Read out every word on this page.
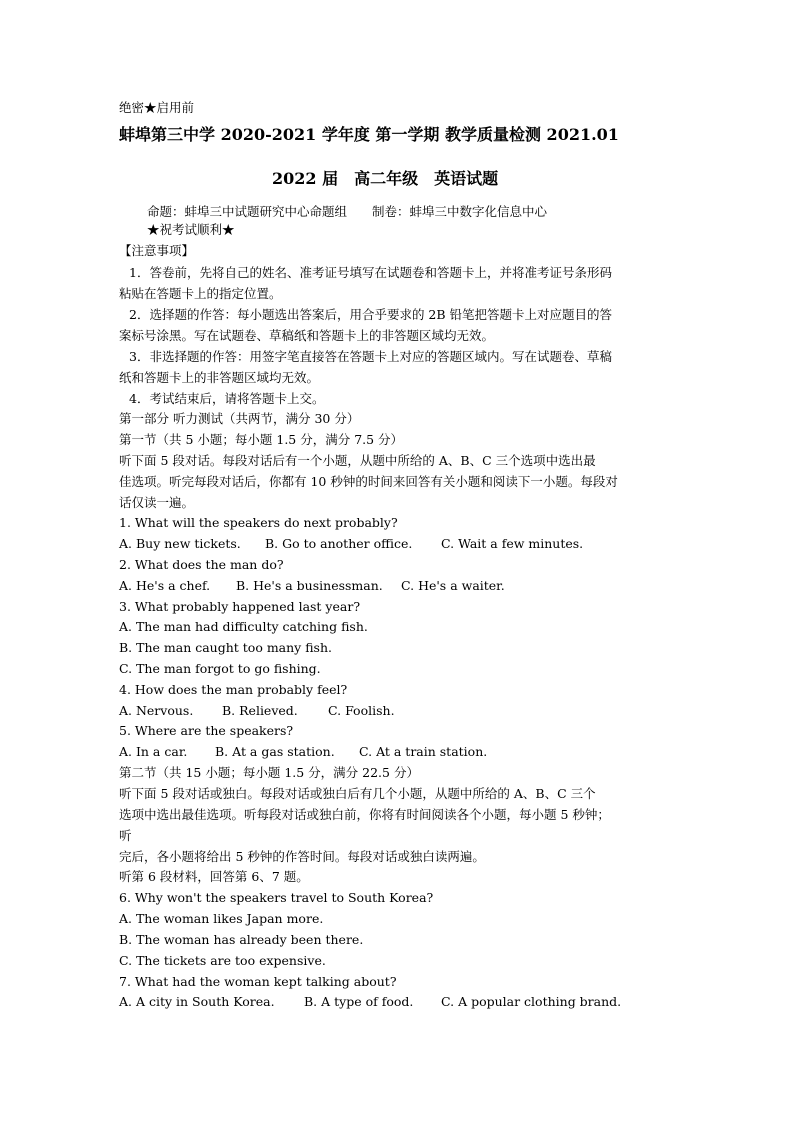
绝密★启用前
蚌埠第三中学 2020-2021 学年度 第一学期 教学质量检测 2021.01
2022 届　高二年级　英语试题
命题：蚌埠三中试题研究中心命题组　　制卷：蚌埠三中数字化信息中心
★祝考试顺利★
【注意事项】
1．答卷前，先将自己的姓名、准考证号填写在试题卷和答题卡上，并将准考证号条形码
粘贴在答题卡上的指定位置。
2．选择题的作答：每小题选出答案后，用合乎要求的 2B 铅笔把答题卡上对应题目的答
案标号涂黑。写在试题卷、草稿纸和答题卡上的非答题区域均无效。
3．非选择题的作答：用签字笔直接答在答题卡上对应的答题区域内。写在试题卷、草稿
纸和答题卡上的非答题区域均无效。
4．考试结束后，请将答题卡上交。
第一部分 听力测试（共两节，满分 30 分）
第一节（共 5 小题；每小题 1.5 分，满分 7.5 分）
听下面 5 段对话。每段对话后有一个小题，从题中所给的 A、B、C 三个选项中选出最
佳选项。听完每段对话后，你都有 10 秒钟的时间来回答有关小题和阅读下一小题。每段对
话仅读一遍。
1. What will the speakers do next probably?
A. Buy new tickets. B. Go to another office. C. Wait a few minutes.
2. What does the man do?
A. He's a chef. B. He's a businessman. C. He's a waiter.
3. What probably happened last year?
A. The man had difficulty catching fish.
B. The man caught too many fish.
C. The man forgot to go fishing.
4. How does the man probably feel?
A. Nervous. B. Relieved. C. Foolish.
5. Where are the speakers?
A. In a car. B. At a gas station. C. At a train station.
第二节（共 15 小题；每小题 1.5 分，满分 22.5 分）
听下面 5 段对话或独白。每段对话或独白后有几个小题，从题中所给的 A、B、C 三个
选项中选出最佳选项。听每段对话或独白前，你将有时间阅读各个小题，每小题 5 秒钟；
听
完后，各小题将给出 5 秒钟的作答时间。每段对话或独白读两遍。
听第 6 段材料，回答第 6、7 题。
6. Why won't the speakers travel to South Korea?
A. The woman likes Japan more.
B. The woman has already been there.
C. The tickets are too expensive.
7. What had the woman kept talking about?
A. A city in South Korea. B. A type of food. C. A popular clothing brand.
